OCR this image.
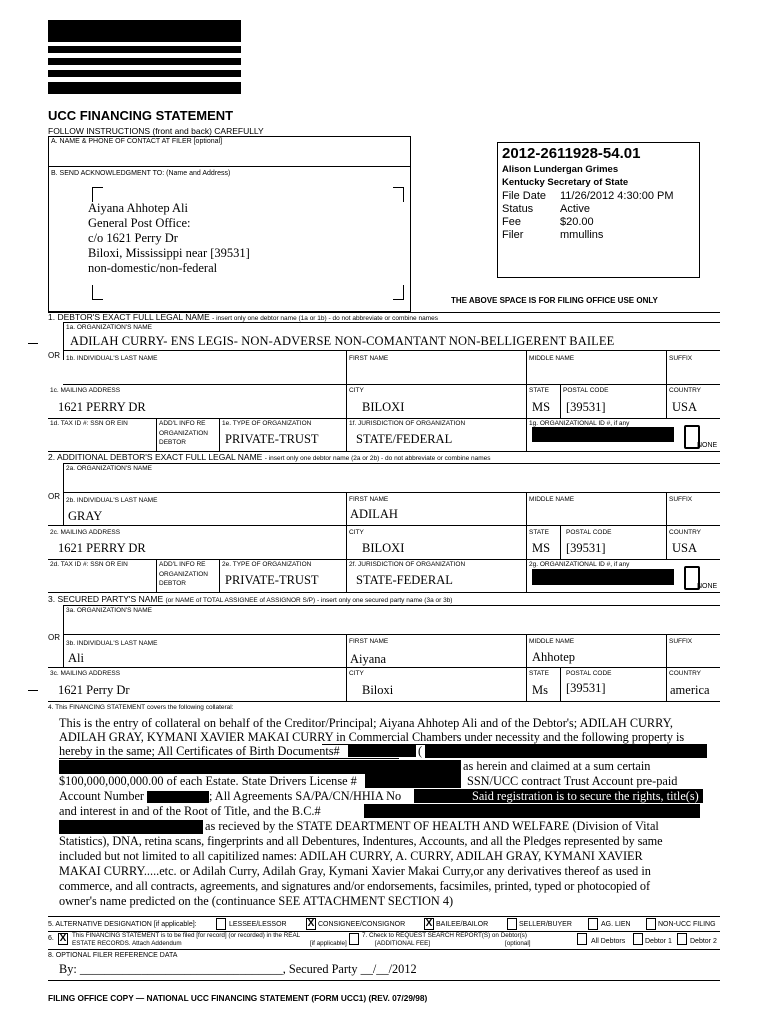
UCC FINANCING STATEMENT
FOLLOW INSTRUCTIONS (front and back) CAREFULLY
A. NAME & PHONE OF CONTACT AT FILER [optional]
B. SEND ACKNOWLEDGMENT TO: (Name and Address)
Aiyana Ahhotep Ali
General Post Office:
c/o 1621 Perry Dr
Biloxi, Mississippi near [39531]
non-domestic/non-federal
2012-2611928-54.01
Alison Lundergan Grimes
Kentucky Secretary of State
File Date 11/26/2012 4:30:00 PM
Status Active
Fee	$20.00
Filer	mmullins
THE ABOVE SPACE IS FOR FILING OFFICE USE ONLY
1. DEBTOR'S EXACT FULL LEGAL NAME - insert only one debtor name (1a or 1b) - do not abbreviate or combine names
1a. ORGANIZATION'S NAME
ADILAH CURRY- ENS LEGIS- NON-ADVERSE NON-COMANTANT NON-BELLIGERENT BAILEE
OR 1b. INDIVIDUAL'S LAST NAME	FIRST NAME	MIDDLE NAME	SUFFIX
1c. MAILING ADDRESS	CITY	STATE POSTAL CODE	COUNTRY
1621 PERRY DR	BILOXI	MS [39531]	USA
1d. TAX ID #: SSN OR EIN	ADD'L INFO RE
ORGANIZATION
DEBTOR
1e. TYPE OF ORGANIZATION
PRIVATE-TRUST
1f. JURISDICTION OF ORGANIZATION
STATE/FEDERAL
1g. ORGANIZATIONAL ID #, if any
NONE
2. ADDITIONAL DEBTOR'S EXACT FULL LEGAL NAME - insert only one debtor name (2a or 2b) - do not abbreviate or combine names
2a. ORGANIZATION'S NAME
OR 2b. INDIVIDUAL'S LAST NAME	FIRST NAME	MIDDLE NAME	SUFFIX
GRAY	ADILAH
2c. MAILING ADDRESS	CITY	STATE	POSTAL CODE	COUNTRY
1621 PERRY DR	BILOXI	MS [39531]	USA
2d. TAX ID #: SSN OR EIN	ADD'L INFO RE
ORGANIZATION
DEBTOR
2e. TYPE OF ORGANIZATION
PRIVATE-TRUST
2f. JURISDICTION OF ORGANIZATION
STATE-FEDERAL
2g. ORGANIZATIONAL ID #, if any
NONE
3. SECURED PARTY'S NAME (or NAME of TOTAL ASSIGNEE of ASSIGNOR S/P) - insert only one secured party name (3a or 3b)
3a. ORGANIZATION'S NAME
OR
3b. INDIVIDUAL'S LAST NAME	FIRST NAME	MIDDLE NAME	SUFFIX
Ali	Aiyana	Ahhotep
3c. MAILING ADDRESS	CITY	STATE	POSTAL CODE	COUNTRY
1621 Perry Dr	Biloxi	Ms [39531]	america
4. This FINANCING STATEMENT covers the following collateral:
This is the entry of collateral on behalf of the Creditor/Principal; Aiyana Ahhotep Ali and of the Debtor's; ADILAH CURRY,
ADILAH GRAY, KYMANI XAVIER MAKAI CURRY in Commercial Chambers under necessity and the following property is
hereby in the same; All Certificates of Birth Documents#	(
as herein and claimed at a sum certain
$100,000,000,000.00 of each Estate. State Drivers License #	SSN/UCC contract Trust Account pre-paid
Account Number	; All Agreements SA/PA/CN/HHIA No	Said registration is to secure the rights, title(s)
and interest in and of the Root of Title, and the B.C.#
as recieved by the STATE DEARTMENT OF HEALTH AND WELFARE (Division of Vital
Statistics), DNA, retina scans, fingerprints and all Debentures, Indentures, Accounts, and all the Pledges represented by same
included but not limited to all capitilized names: ADILAH CURRY, A. CURRY, ADILAH GRAY, KYMANI XAVIER
MAKAI CURRY.....etc. or Adilah Curry, Adilah Gray, Kymani Xavier Makai Curry,or any derivatives thereof as used in
commerce, and all contracts, agreements, and signatures and/or endorsements, facsimiles, printed, typed or photocopied of
owner's name predicted on the (continuance SEE ATTACHMENT SECTION 4)
5. ALTERNATIVE DESIGNATION [if applicable]:	LESSEE/LESSOR X CONSIGNEE/CONSIGNOR X BAILEE/BAILOR	SELLER/BUYER	AG. LIEN	NON-UCC FILING
6. X This FINANCING STATEMENT is to be filed [for record] (or recorded) in the REAL
ESTATE RECORDS. Attach Addendum	[if applicable]
7. Check to REQUEST SEARCH REPORT(S) on Debtor(s)
[ADDITIONAL FEE]	[optional]	All Debtors	Debtor 1	Debtor 2
8. OPTIONAL FILER REFERENCE DATA
By: _________________________________, Secured Party __/__/2012
FILING OFFICE COPY — NATIONAL UCC FINANCING STATEMENT (FORM UCC1) (REV. 07/29/98)
